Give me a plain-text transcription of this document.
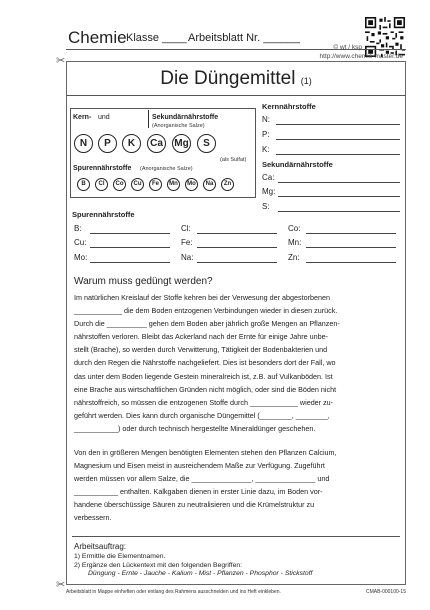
Chemie Klasse ____ Arbeitsblatt Nr. ______
© wt / ksp
http://www.chemie-master.de
✂
Die Düngemittel (1)
Kern- und	Sekundärnährstoffe
(Anorganische Salze)
N	P	K	Ca	Mg	S
(als Sulfat)
Spurennährstoffe (Anorganische Salze)
B	Cl	Co	Cu	Fe	Mn	Mo	Na	Zn
Kernnährstoffe
N:
P:
K:
Sekundärnährstoffe
Ca:
Mg:
S:
Spurennährstoffe
B:	Cl:	Co:
Cu:	Fe:	Mn:
Mo:	Na:	Zn:
Warum muss gedüngt werden?
Im natürlichen Kreislauf der Stoffe kehren bei der Verwesung der abgestorbenen
____________ die dem Boden entzogenen Verbindungen wieder in diesen zurück.
Durch die __________ gehen dem Boden aber jährlich große Mengen an Pflanzen-
nährstoffen verloren. Bleibt das Ackerland nach der Ernte für einige Jahre unbe-
stellt (Brache), so werden durch Verwitterung, Tätigkeit der Bodenbakterien und
durch den Regen die Nährstoffe nachgeliefert. Dies ist besonders dort der Fall, wo
das unter dem Boden liegende Gestein mineralreich ist, z.B. auf Vulkanböden. Ist
eine Brache aus wirtschaftlichen Gründen nicht möglich, oder sind die Böden nicht
nährstoffreich, so müssen die entzogenen Stoffe durch ____________ wieder zu-
geführt werden. Dies kann durch organische Düngemittel (________, ________,
___________) oder durch technisch hergestellte Mineraldünger geschehen.
Von den in größeren Mengen benötigten Elementen stehen den Pflanzen Calcium,
Magnesium und Eisen meist in ausreichendem Maße zur Verfügung. Zugeführt
werden müssen vor allem Salze, die _______________, _______________ und
___________ enthalten. Kalkgaben dienen in erster Linie dazu, im Boden vor-
handene überschüssige Säuren zu neutralisieren und die Krümelstruktur zu
verbessern.
Arbeitsauftrag:
1) Ermittle die Elementnamen.
2) Ergänze den Lückentext mit den folgenden Begriffen:
Düngung - Ernte - Jauche - Kalium - Mist - Pflanzen - Phosphor - Stickstoff
✂
Arbeitsblatt in Mappe einheften oder entlang des Rahmens ausschneiden und ins Heft einkleben.	CMAB-000100-15
